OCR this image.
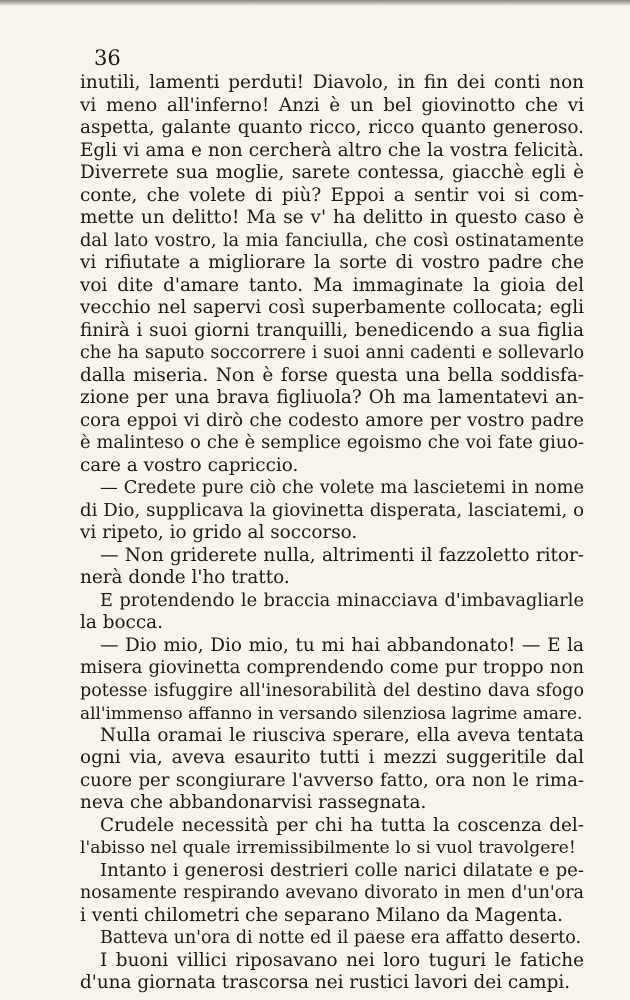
36

inutili, lamenti perduti! Diavolo, in fin dei conti non
vi meno all'inferno! Anzi è un bel giovinotto che vi
aspetta, galante quanto ricco, ricco quanto generoso.
Egli vi ama e non cercherà altro che la vostra felicità.
Diverrete sua moglie, sarete contessa, giacchè egli è
conte, che volete di più? Eppoi a sentir voi si com-
mette un delitto! Ma se v' ha delitto in questo caso è
dal lato vostro, la mia fanciulla, che così ostinatamente
vi rifiutate a migliorare la sorte di vostro padre che
voi dite d'amare tanto. Ma immaginate la gioia del
vecchio nel sapervi così superbamente collocata; egli
finirà i suoi giorni tranquilli, benedicendo a sua figlia
che ha saputo soccorrere i suoi anni cadenti e sollevarlo
dalla miseria. Non è forse questa una bella soddisfa-
zione per una brava figliuola? Oh ma lamentatevi an-
cora eppoi vi dirò che codesto amore per vostro padre
è malinteso o che è semplice egoismo che voi fate giuo-
care a vostro capriccio.
— Credete pure ciò che volete ma lascietemi in nome
di Dio, supplicava la giovinetta disperata, lasciatemi, o
vi ripeto, io grido al soccorso.
— Non griderete nulla, altrimenti il fazzoletto ritor-
nerà donde l'ho tratto.
E protendendo le braccia minacciava d'imbavagliarle
la bocca.
— Dio mio, Dio mio, tu mi hai abbandonato! — E la
misera giovinetta comprendendo come pur troppo non
potesse isfuggire all'inesorabilità del destino dava sfogo
all'immenso affanno in versando silenziosa lagrime amare.
Nulla oramai le riusciva sperare, ella aveva tentata
ogni via, aveva esaurito tutti i mezzi suggeritile dal
cuore per scongiurare l'avverso fatto, ora non le rima-
neva che abbandonarvisi rassegnata.
Crudele necessità per chi ha tutta la coscenza del-
l'abisso nel quale irremissibilmente lo si vuol travolgere!
Intanto i generosi destrieri colle narici dilatate e pe-
nosamente respirando avevano divorato in men d'un'ora
i venti chilometri che separano Milano da Magenta.
Batteva un'ora di notte ed il paese era affatto deserto.
I buoni villici riposavano nei loro tuguri le fatiche
d'una giornata trascorsa nei rustici lavori dei campi.
